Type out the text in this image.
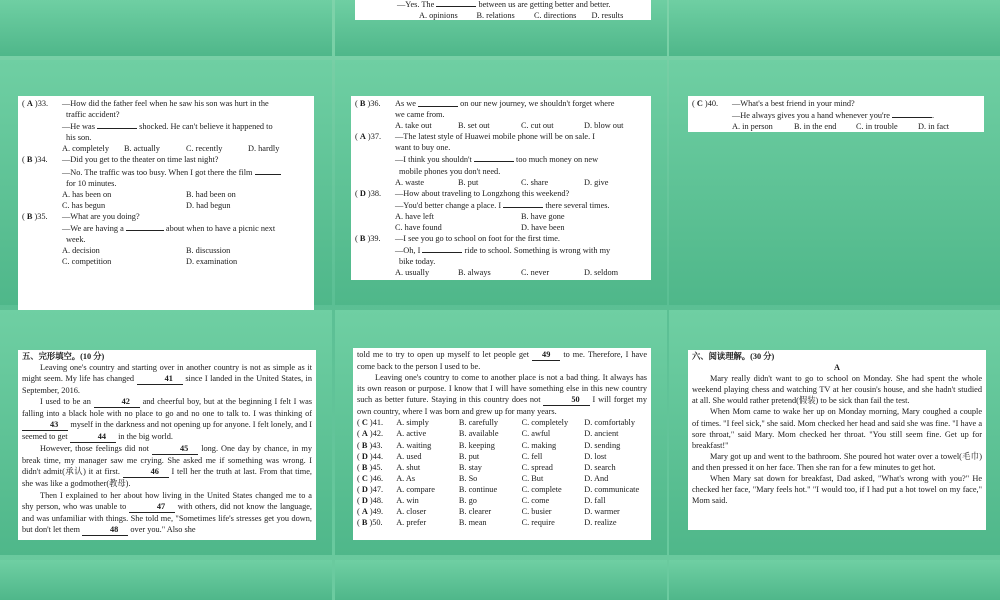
—Yes. The	between us are getting better and better.
A. opinions	B. relations	C. directions	D. results
( A )33.	—How did the father feel when he saw his son was hurt in the
traffic accident?
—He was	shocked. He can't believe it happened to
his son.
A. completely	B. actually	C. recently	D. hardly
( B )34.	—Did you get to the theater on time last night?
—No. The traffic was too busy. When I got there the film
for 10 minutes.
A. has been on	B. had been on
C. has begun	D. had begun
( B )35.	—What are you doing?
—We are having a	about when to have a picnic next
week.
A. decision	B. discussion
C. competition	D. examination
( B )36.	As we

	on our new journey, we shouldn't forget where
we came from.
A. take out	B. set out	C. cut out	D. blow out
( A )37.	—The latest style of Huawei mobile phone will be on sale. I
want to buy one.
—I think you shouldn't	too much money on new
mobile phones you don't need.
A. waste	B. put	C. share	D. give
( D )38.	—How about traveling to Longzhong this weekend?
—You'd better change a place. I	there several times.
A. have left	B. have gone
C. have found	D. have been
( B )39.	—I see you go to school on foot for the first time.
—Oh, I	ride to school. Something is wrong with my
bike today.
A. usually	B. always	C. never	D. seldom
( C )40.	—What's a best friend in your mind?
—He always gives you a hand whenever you're	.
A. in person	B. in the end	C. in trouble	D. in fact
五、完形填空。(10 分)
Leaving one's country and starting over in another country is not as simple as it might seem. My life has changed	41 since I landed in the United States, in September, 2016.
I used to be an	42 and cheerful boy, but at the beginning I felt I was falling into a black hole with no place to go and no one to talk to. I was thinking of 43 myself in the darkness and not opening up for anyone. I felt lonely, and I seemed to get	44 in the big world.
However, those feelings did not	45 long. One day by chance, in my break time, my manager saw me crying. She asked me if something was wrong. I didn't admit(承认) it at first.	46 I tell her the truth at last. From that time, she was like a godmother(教母).
Then I explained to her about how living in the United States changed me to a shy person, who was unable to	47 with others, did not know the language, and was unfamiliar with things. She told me, "Sometimes life's stresses get you down, but don't let them	48 over you." Also she
told me to try to open up myself to let people get 49 to me. Therefore, I have come back to the person I used to be.
Leaving one's country to come to another place is not a bad thing. It always has its own reason or purpose. I know that I will have something else in this new country such as better future. Staying in this country does not	50 I will forget my own country, where I was born and grew up for many years.
( C )41.	A. simply	B. carefully	C. completely	D. comfortably
( A )42.	A. active	B. available	C. awful	D. ancient
( B )43.	A. waiting	B. keeping	C. making	D. sending
( D )44.	A. used	B. put	C. fell	D. lost
( B )45.	A. shut	B. stay	C. spread	D. search
( C )46.	A. As	B. So	C. But	D. And
( D )47.	A. compare	B. continue	C. complete	D. communicate
( D )48.	A. win	B. go	C. come	D. fall
( A )49.	A. closer	B. clearer	C. busier	D. warmer
( B )50.	A. prefer	B. mean	C. require	D. realize
六、阅读理解。(30 分)
A
Mary really didn't want to go to school on Monday. She had spent the whole weekend playing chess and watching TV at her cousin's house, and she hadn't studied at all. She would rather pretend(假装) to be sick than fail the test.
When Mom came to wake her up on Monday morning, Mary coughed a couple of times. "I feel sick," she said. Mom checked her head and said she was fine. "I have a sore throat," said Mary. Mom checked her throat. "You still seem fine. Get up for breakfast!"
Mary got up and went to the bathroom. She poured hot water over a towel(毛巾) and then pressed it on her face. Then she ran for a few minutes to get hot.
When Mary sat down for breakfast, Dad asked, "What's wrong with you?" He checked her face, "Mary feels hot." "I would too, if I had put a hot towel on my face," Mom said.
